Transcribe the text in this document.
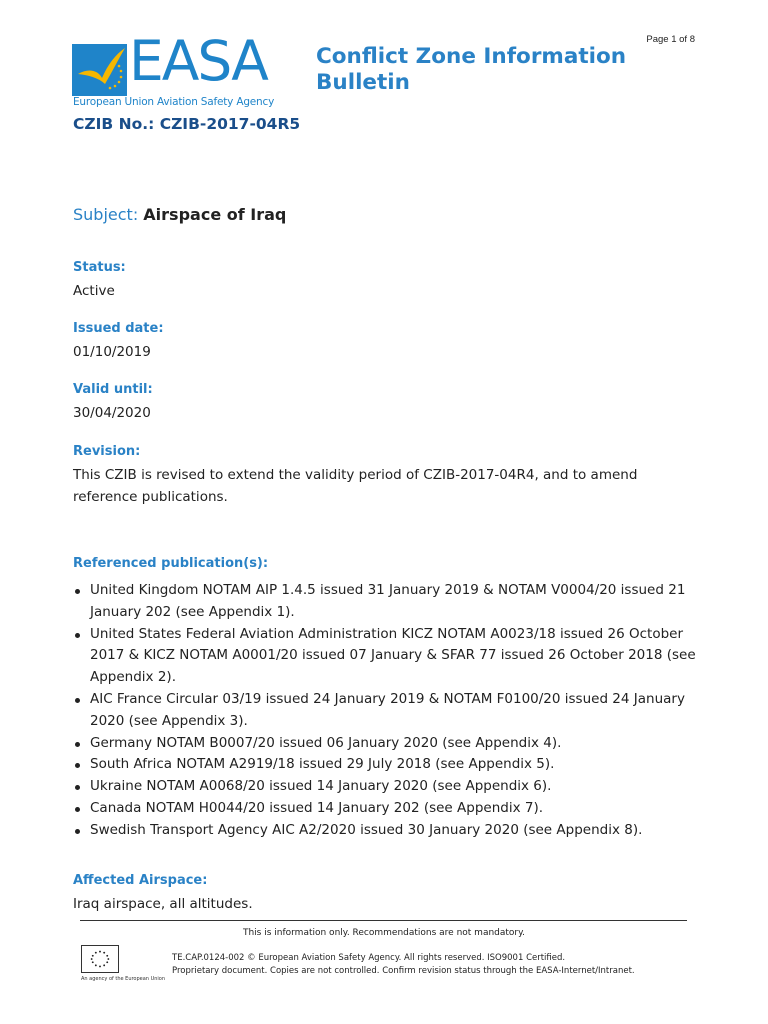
Page 1 of 8
EASA
European Union Aviation Safety Agency
Conflict Zone Information Bulletin
CZIB No.: CZIB-2017-04R5
Subject: Airspace of Iraq
Status:
Active
Issued date:
01/10/2019
Valid until:
30/04/2020
Revision:
This CZIB is revised to extend the validity period of CZIB-2017-04R4, and to amend
reference publications.
Referenced publication(s):
United Kingdom NOTAM AIP 1.4.5 issued 31 January 2019 & NOTAM V0004/20 issued 21 January 202 (see Appendix 1).
United States Federal Aviation Administration KICZ NOTAM A0023/18 issued 26 October 2017 & KICZ NOTAM A0001/20 issued 07 January & SFAR 77 issued 26 October 2018 (see Appendix 2).
AIC France Circular 03/19 issued 24 January 2019 & NOTAM F0100/20 issued 24 January 2020 (see Appendix 3).
Germany NOTAM B0007/20 issued 06 January 2020 (see Appendix 4).
South Africa NOTAM A2919/18 issued 29 July 2018 (see Appendix 5).
Ukraine NOTAM A0068/20 issued 14 January 2020 (see Appendix 6).
Canada NOTAM H0044/20 issued 14 January 202 (see Appendix 7).
Swedish Transport Agency AIC A2/2020 issued 30 January 2020 (see Appendix 8).
Affected Airspace:
Iraq airspace, all altitudes.
This is information only. Recommendations are not mandatory.
An agency of the European Union
TE.CAP.0124-002 © European Aviation Safety Agency. All rights reserved. ISO9001 Certified.
Proprietary document. Copies are not controlled. Confirm revision status through the EASA-Internet/Intranet.
